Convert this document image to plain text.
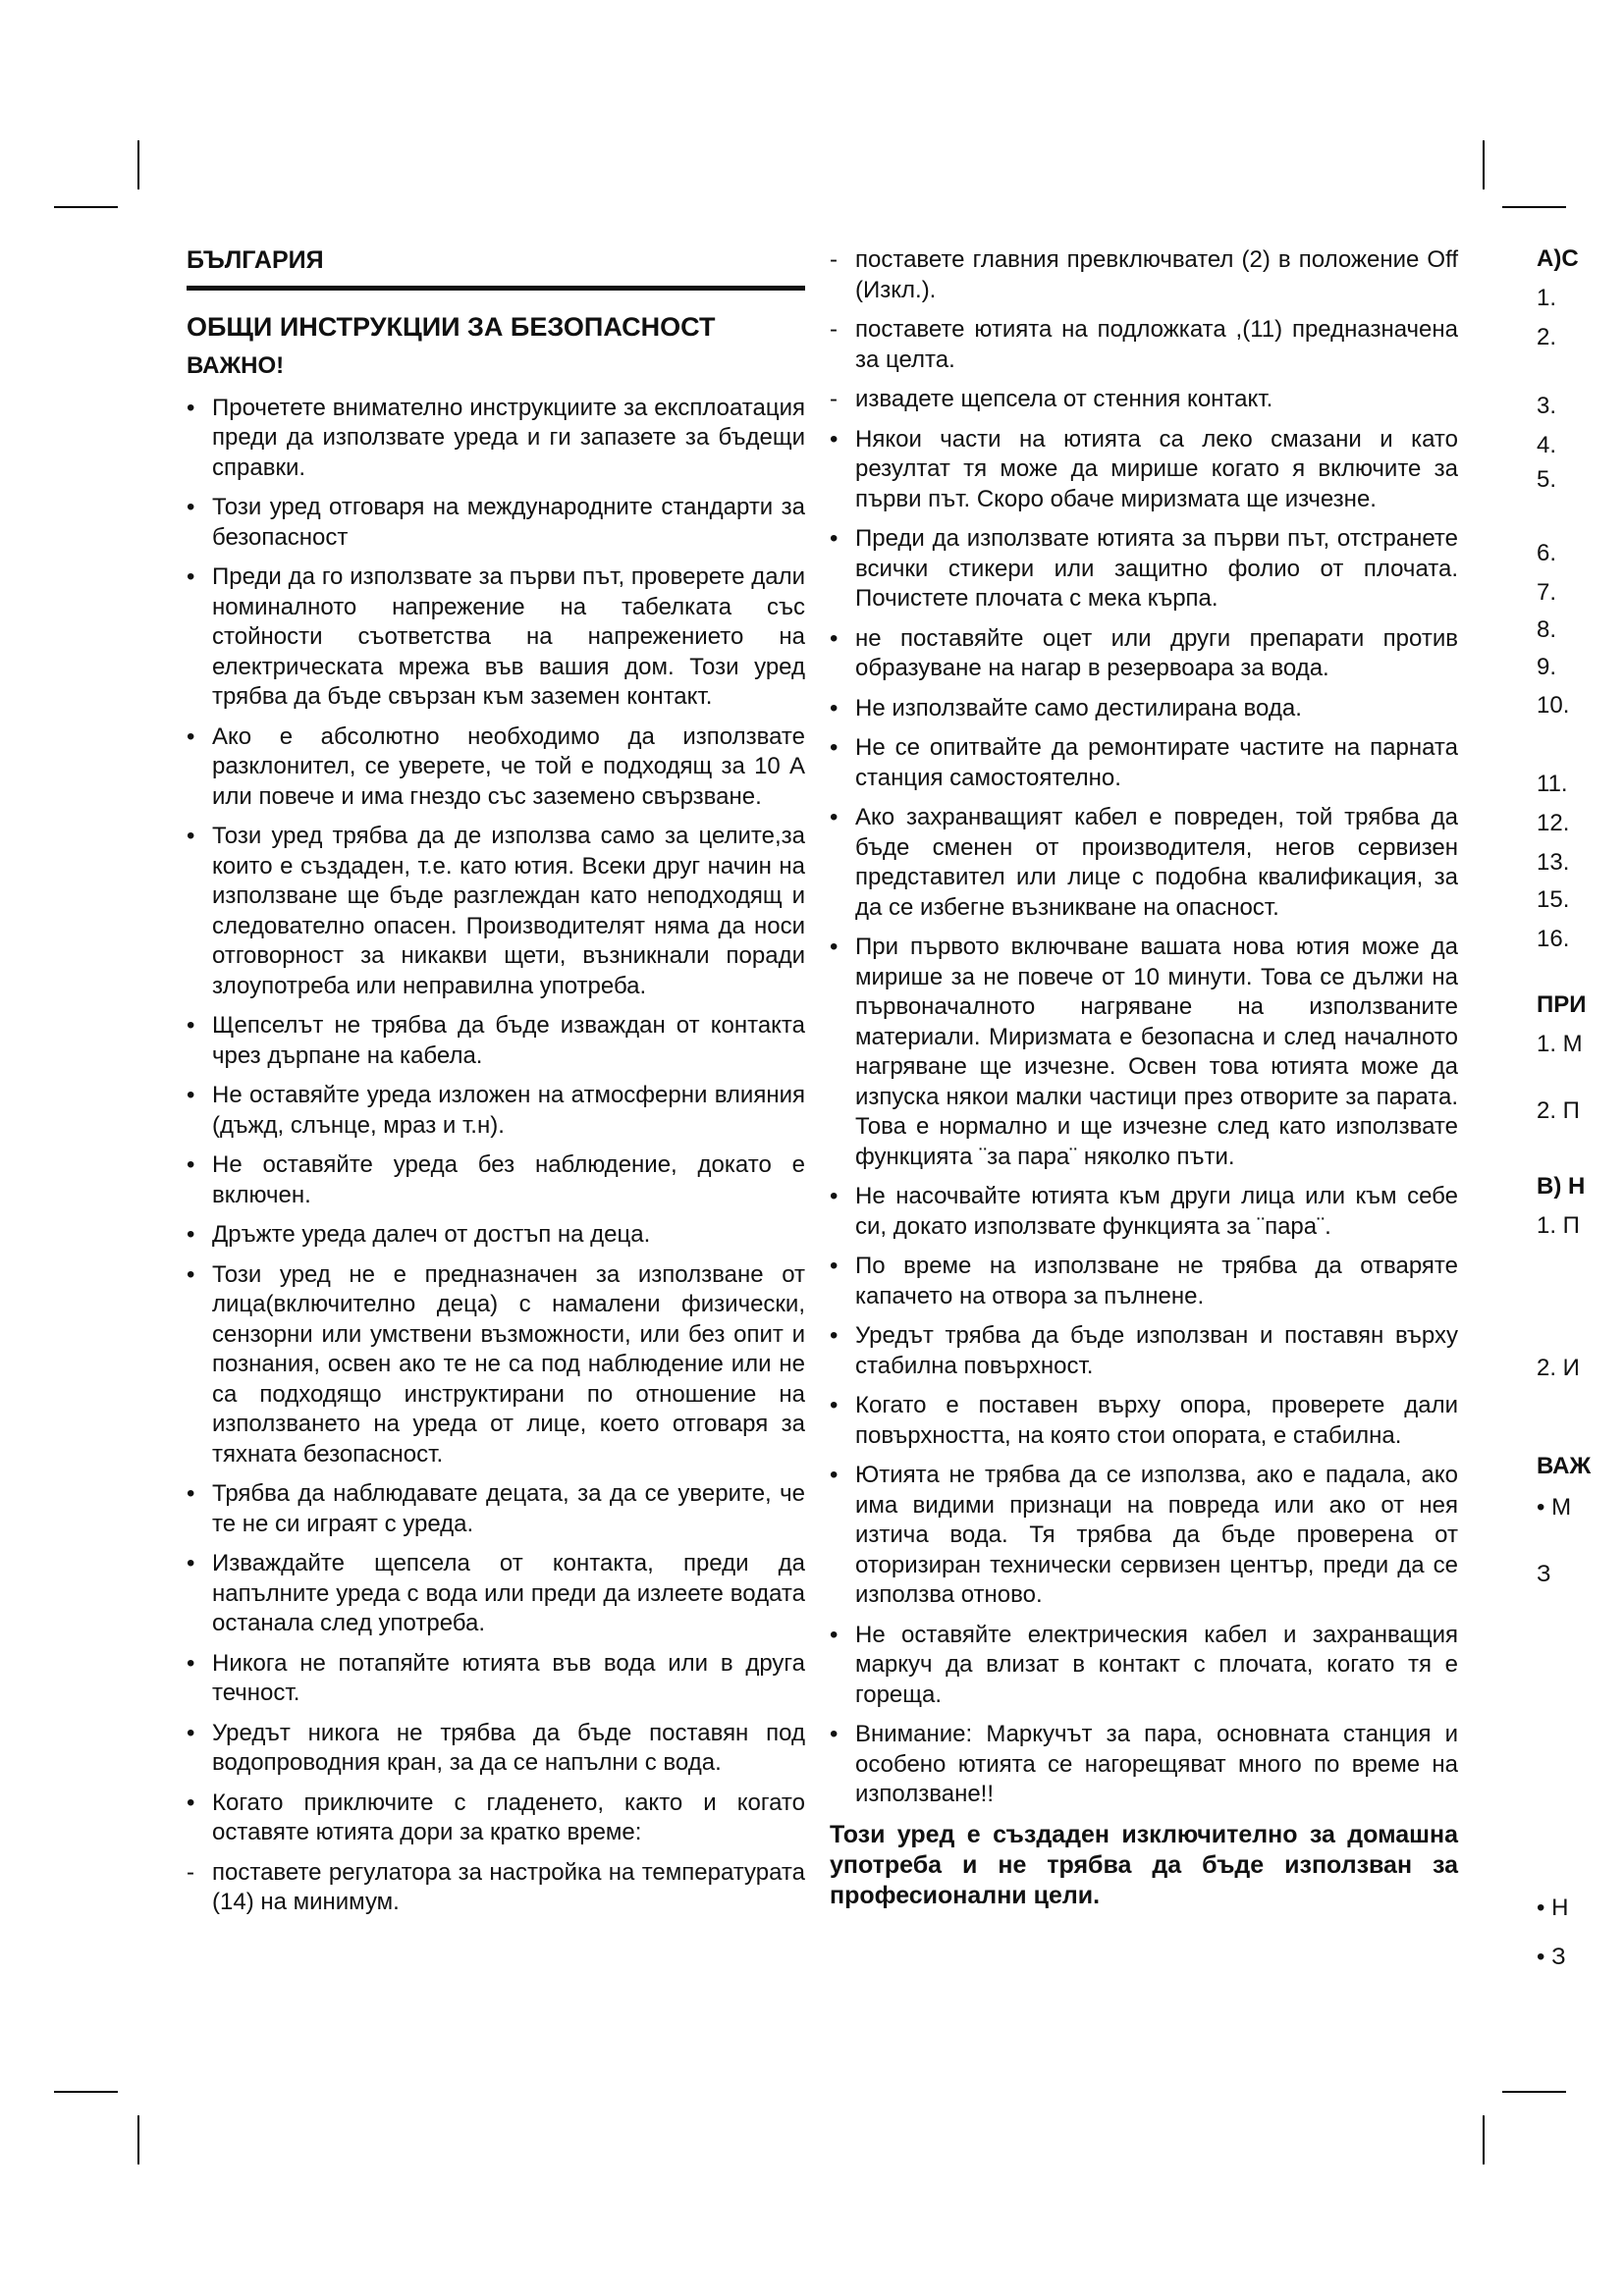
БЪЛГАРИЯ
ОБЩИ ИНСТРУКЦИИ ЗА БЕЗОПАСНОСТ
ВАЖНО!
• Прочетете внимателно инструкциите за експлоатация преди да използвате уреда и ги запазете за бъдещи справки.
• Този уред отговаря на международните стандарти за безопасност
• Преди да го използвате за първи път, проверете дали номиналното напрежение на табелката със стойности съответства на напрежението на електрическата мрежа във вашия дом. Този уред трябва да бъде свързан към заземен контакт.
• Ако е абсолютно необходимо да използвате разклонител, се уверете, че той е подходящ за 10 A или повече и има гнездо със заземено свързване.
• Този уред трябва да де използва само за целите,за които е създаден, т.е. като ютия. Всеки друг начин на използване ще бъде разглеждан като неподходящ и следователно опасен. Производителят няма да носи отговорност за никакви щети, възникнали поради злоупотреба или неправилна употреба.
• Щепселът не трябва да бъде изваждан от контакта чрез дърпане на кабела.
• Не оставяйте уреда изложен на атмосферни влияния (дъжд, слънце, мраз и т.н).
• Не оставяйте уреда без наблюдение, докато е включен.
• Дръжте уреда далеч от достъп на деца.
• Този уред не е предназначен за използване от лица(включително деца) с намалени физически, сензорни или умствени възможности, или без опит и познания, освен ако те не са под наблюдение или не са подходящо инструктирани по отношение на използването на уреда от лице, което отговаря за тяхната безопасност.
• Трябва да наблюдавате децата, за да се уверите, че те не си играят с уреда.
• Изваждайте щепсела от контакта, преди да напълните уреда с вода или преди да излеете водата останала след употреба.
• Никога не потапяйте ютията във вода или в друга течност.
• Уредът никога не трябва да бъде поставян под водопроводния кран, за да се напълни с вода.
• Когато приключите с гладенето, както и когато оставяте ютията дори за кратко време:
- поставете регулатора за настройка на температурата (14) на минимум.
- поставете главния превключвател (2) в положение Off (Изкл.).
- поставете ютията на подложката ,(11) предназначена за целта.
- извадете щепсела от стенния контакт.
• Някои части на ютията са леко смазани и като резултат тя може да мирише когато я включите за първи път. Скоро обаче миризмата ще изчезне.
• Преди да използвате ютията за първи път, отстранете всички стикери или защитно фолио от плочата. Почистете плочата с мека кърпа.
• не поставяйте оцет или други препарати против образуване на нагар в резервоара за вода.
• Не използвайте само дестилирана вода.
• Не се опитвайте да ремонтирате частите на парната станция самостоятелно.
• Ако захранващият кабел е повреден, той трябва да бъде сменен от производителя, негов сервизен представител или лице с подобна квалификация, за да се избегне възникване на опасност.
• При първото включване вашата нова ютия може да мирише за не повече от 10 минути. Това се дължи на първоначалното нагряване на използваните материали. Миризмата е безопасна и след началното нагряване ще изчезне. Освен това ютията може да изпуска някои малки частици през отворите за парата. Това е нормално и ще изчезне след като използвате функцията ¨за пара¨ няколко пъти.
• Не насочвайте ютията към други лица или към себе си, докато използвате функцията за ¨пара¨.
• По време на използване не трябва да отваряте капачето на отвора за пълнене.
• Уредът трябва да бъде използван и поставян върху стабилна повърхност.
• Когато е поставен върху опора, проверете дали повърхността, на която стои опората, е стабилна.
• Ютията не трябва да се използва, ако е падала, ако има видими признаци на повреда или ако от нея изтича вода. Тя трябва да бъде проверена от оторизиран технически сервизен център, преди да се използва отново.
• Не оставяйте електрическия кабел и захранващия маркуч да влизат в контакт с плочата, когато тя е гореща.
• Внимание: Маркучът за пара, основната станция и особено ютията се нагорещяват много по време на използване!!
Този уред е създаден изключително за домашна употреба и не трябва да бъде използван за професионални цели.
А)С
1.
2.
3.
4.
5.
6.
7.
8.
9.
10.
11.
12.
13.
15.
16.
ПРИ
1. М
2. П
В) Н
1. П
2. И
ВАЖ
• М
З
• Н
• З
